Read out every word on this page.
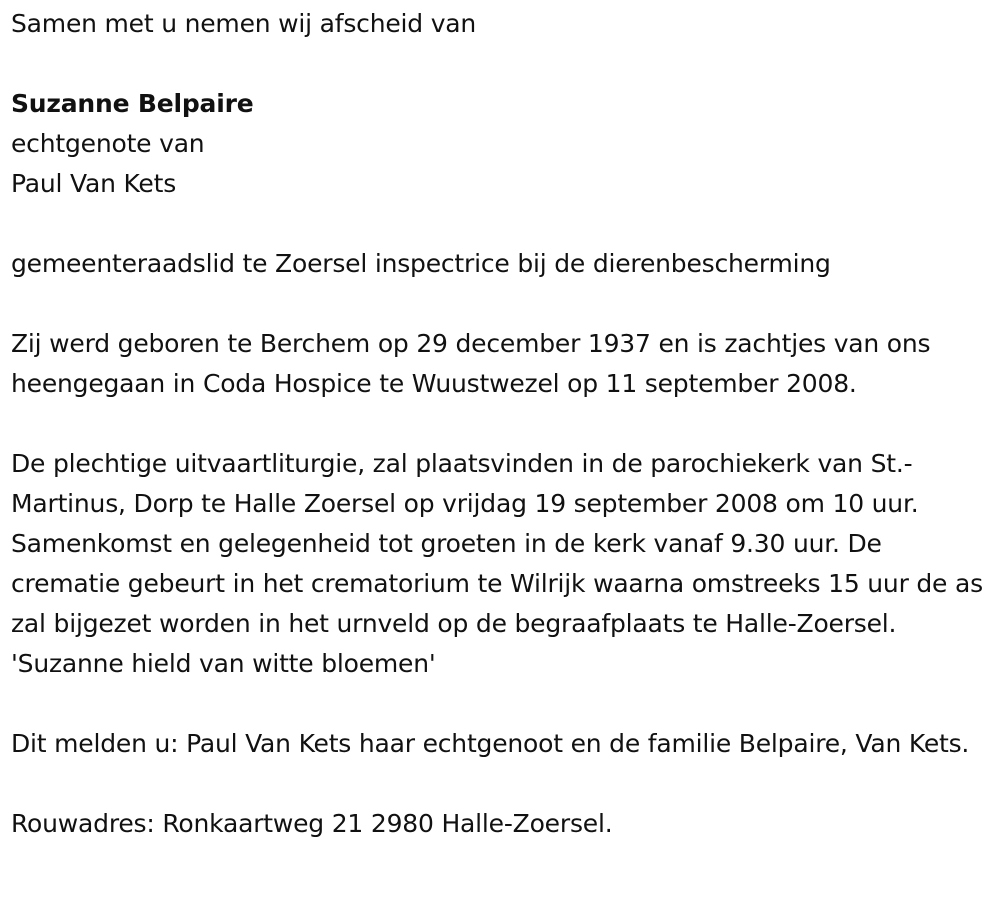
Samen met u nemen wij afscheid van

Suzanne Belpaire

echtgenote van

Paul Van Kets

gemeenteraadslid te Zoersel inspectrice bij de dierenbescherming

Zij werd geboren te Berchem op 29 december 1937 en is zachtjes van ons heengegaan in Coda Hospice te Wuustwezel op 11 september 2008.

De plechtige uitvaartliturgie, zal plaatsvinden in de parochiekerk van St.-Martinus, Dorp te Halle Zoersel op vrijdag 19 september 2008 om 10 uur. Samenkomst en gelegenheid tot groeten in de kerk vanaf 9.30 uur. De crematie gebeurt in het crematorium te Wilrijk waarna omstreeks 15 uur de as zal bijgezet worden in het urnveld op de begraafplaats te Halle-Zoersel. 'Suzanne hield van witte bloemen'

Dit melden u: Paul Van Kets haar echtgenoot en de familie Belpaire, Van Kets.

Rouwadres: Ronkaartweg 21 2980 Halle-Zoersel.
